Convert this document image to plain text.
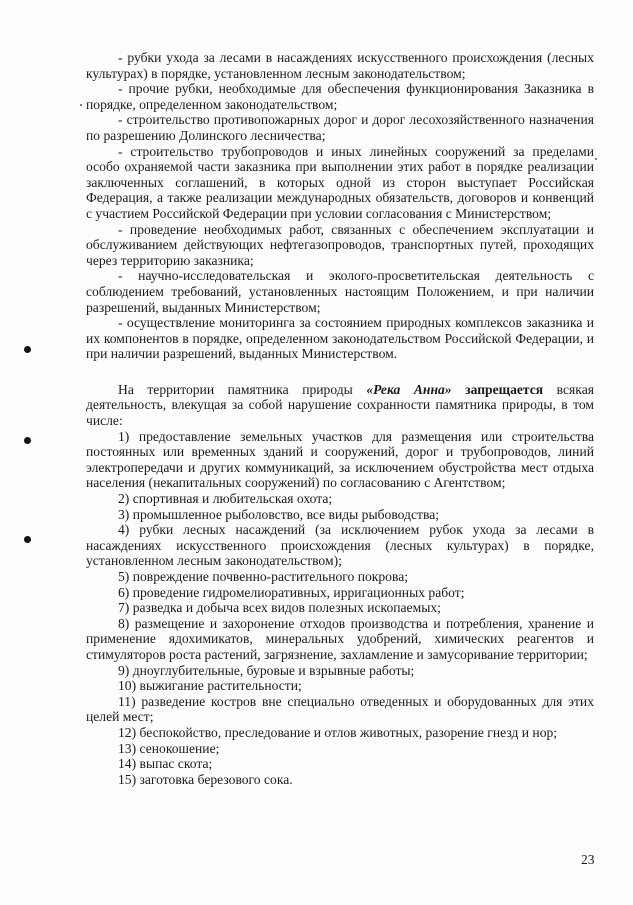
- рубки ухода за лесами в насаждениях искусственного происхождения (лесных культурах) в порядке, установленном лесным законодательством;

- прочие рубки, необходимые для обеспечения функционирования Заказника в порядке, определенном законодательством;

- строительство противопожарных дорог и дорог лесохозяйственного назначения по разрешению Долинского лесничества;

- строительство трубопроводов и иных линейных сооружений за пределами особо охраняемой части заказника при выполнении этих работ в порядке реализации заключенных соглашений, в которых одной из сторон выступает Российская Федерация, а также реализации международных обязательств, договоров и конвенций с участием Российской Федерации при условии согласования с Министерством;

- проведение необходимых работ, связанных с обеспечением эксплуатации и обслуживанием действующих нефтегазопроводов, транспортных путей, проходящих через территорию заказника;

- научно-исследовательская и эколого-просветительская деятельность с соблюдением требований, установленных настоящим Положением, и при наличии разрешений, выданных Министерством;

- осуществление мониторинга за состоянием природных комплексов заказника и их компонентов в порядке, определенном законодательством Российской Федерации, и при наличии разрешений, выданных Министерством.

На территории памятника природы «Река Анна» запрещается всякая деятельность, влекущая за собой нарушение сохранности памятника природы, в том числе:

1) предоставление земельных участков для размещения или строительства постоянных или временных зданий и сооружений, дорог и трубопроводов, линий электропередачи и других коммуникаций, за исключением обустройства мест отдыха населения (некапитальных сооружений) по согласованию с Агентством;

2) спортивная и любительская охота;

3) промышленное рыболовство, все виды рыбоводства;

4) рубки лесных насаждений (за исключением рубок ухода за лесами в насаждениях искусственного происхождения (лесных культурах) в порядке, установленном лесным законодательством);

5) повреждение почвенно-растительного покрова;

6) проведение гидромелиоративных, ирригационных работ;

7) разведка и добыча всех видов полезных ископаемых;

8) размещение и захоронение отходов производства и потребления, хранение и применение ядохимикатов, минеральных удобрений, химических реагентов и стимуляторов роста растений, загрязнение, захламление и замусоривание территории;

9) дноуглубительные, буровые и взрывные работы;

10) выжигание растительности;

11) разведение костров вне специально отведенных и оборудованных для этих целей мест;

12) беспокойство, преследование и отлов животных, разорение гнезд и нор;

13) сенокошение;

14) выпас скота;

15) заготовка березового сока.

23
